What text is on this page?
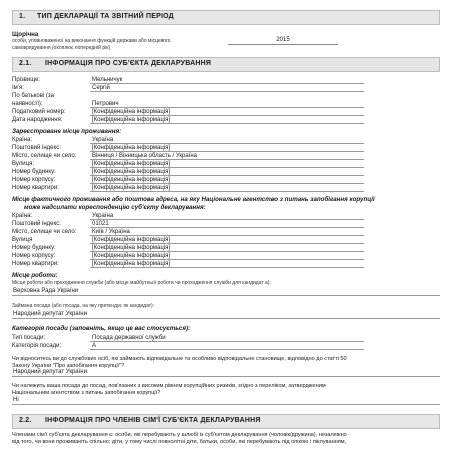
1.	ТИП ДЕКЛАРАЦІЇ ТА ЗВІТНИЙ ПЕРІОД
Щорічна
особи, уповноваженої на виконання функцій держави або місцевого
самоврядування (охоплює попередній рік)
2015
2.1.	ІНФОРМАЦІЯ ПРО СУБ'ЄКТА ДЕКЛАРУВАННЯ
Прізвище:	Мельничук
Ім'я:	Сергій
По батькові (за
наявності):	Петрович
Податковий номер:	[Конфіденційна інформація]
Дата народження:	[Конфіденційна інформація]
Зареєстроване місце проживання:
Країна:	Україна
Поштовий індекс:	[Конфіденційна інформація]
Місто, селище чи село:	Вінниця / Вінницька область / Україна
Вулиця:	[Конфіденційна інформація]
Номер будинку:	[Конфіденційна інформація]
Номер корпусу:	[Конфіденційна інформація]
Номер квартири:	[Конфіденційна інформація]
Місце фактичного проживання або поштова адреса, на яку Національне агентство з питань запобігання корупції
може надсилати кореспонденцію суб'єкту декларування:
Країна:	Україна
Поштовий індекс:	01021
Місто, селище чи село:	Київ / Україна
Вулиця	[Конфіденційна інформація]
Номер будинку:	[Конфіденційна інформація]
Номер корпусу:	[Конфіденційна інформація]
Номер квартири:	[Конфіденційна інформація]
Місце роботи:
Місце роботи або проходження служби (або місце майбутньої роботи чи проходження служби для кандидат а):
Верховна Рада України
Займана посада (або посада, на яку претендує як кандидат):
Народний депутат України
Категорія посади (заповніть, якщо це вас стосується):
Тип посади:	Посада державної служби
Категорія посади:	А
Чи відноситесь ви до службових осіб, які займають відповідальне та особливо відповідальне становище, відповідно до статті 50
Закону України "Про запобігання корупції"?
Народний депутат України
Чи належить ваша посада до посад, пов'язаних з високим рівнем корупційних ризиків, згідно з переліком, затвердженим
Національним агентством з питань запобігання корупції?
Ні
2.2.	ІНФОРМАЦІЯ ПРО ЧЛЕНІВ СІМ'Ї СУБ'ЄКТА ДЕКЛАРУВАННЯ
Членами сім'ї суб'єкта декларування є: особи, які перебувають у шлюбі із суб'єктом декларування (чоловік/дружина), незалежно
від того, чи вони проживають спільно; діти, у тому числі повнолітні діти, батьки, особи, які перебувають під опікою і піклуванням,
